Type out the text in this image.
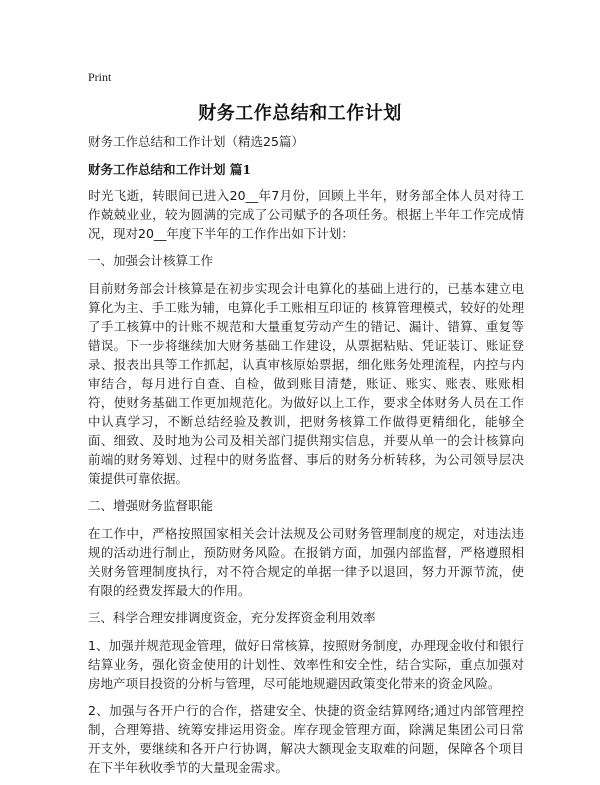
Print
财务工作总结和工作计划

财务工作总结和工作计划（精选25篇）

财务工作总结和工作计划 篇1

时光飞逝，转眼间已进入20__年7月份，回顾上半年，财务部全体人员对待工作兢兢业业，较为圆满的完成了公司赋予的各项任务。根据上半年工作完成情况，现对20__年度下半年的工作作出如下计划：

一、加强会计核算工作

目前财务部会计核算是在初步实现会计电算化的基础上进行的，已基本建立电算化为主、手工账为辅，电算化手工账相互印证的 核算管理模式，较好的处理了手工核算中的计账不规范和大量重复劳动产生的错记、漏计、错算、重复等错误。下一步将继续加大财务基础工作建设，从票据粘贴、凭证装订、账证登录、报表出具等工作抓起，认真审核原始票据，细化账务处理流程，内控与内审结合，每月进行自查、自检，做到账目清楚，账证、账实、账表、账账相符，使财务基础工作更加规范化。为做好以上工作，要求全体财务人员在工作中认真学习，不断总结经验及教训，把财务核算工作做得更精细化，能够全面、细致、及时地为公司及相关部门提供翔实信息，并要从单一的会计核算向前端的财务筹划、过程中的财务监督、事后的财务分析转移，为公司领导层决策提供可靠依据。

二、增强财务监督职能

在工作中，严格按照国家相关会计法规及公司财务管理制度的规定，对违法违规的活动进行制止，预防财务风险。在报销方面，加强内部监督，严格遵照相关财务管理制度执行，对不符合规定的单据一律予以退回，努力开源节流，使有限的经费发挥最大的作用。

三、科学合理安排调度资金，充分发挥资金利用效率

1、加强并规范现金管理，做好日常核算，按照财务制度，办理现金收付和银行结算业务，强化资金使用的计划性、效率性和安全性，结合实际，重点加强对房地产项目投资的分析与管理，尽可能地规避因政策变化带来的资金风险。

2、加强与各开户行的合作，搭建安全、快捷的资金结算网络;通过内部管理控制，合理筹措、统筹安排运用资金。库存现金管理方面，除满足集团公司日常开支外，要继续和各开户行协调，解决大额现金支取难的问题，保障各个项目在下半年秋收季节的大量现金需求。
